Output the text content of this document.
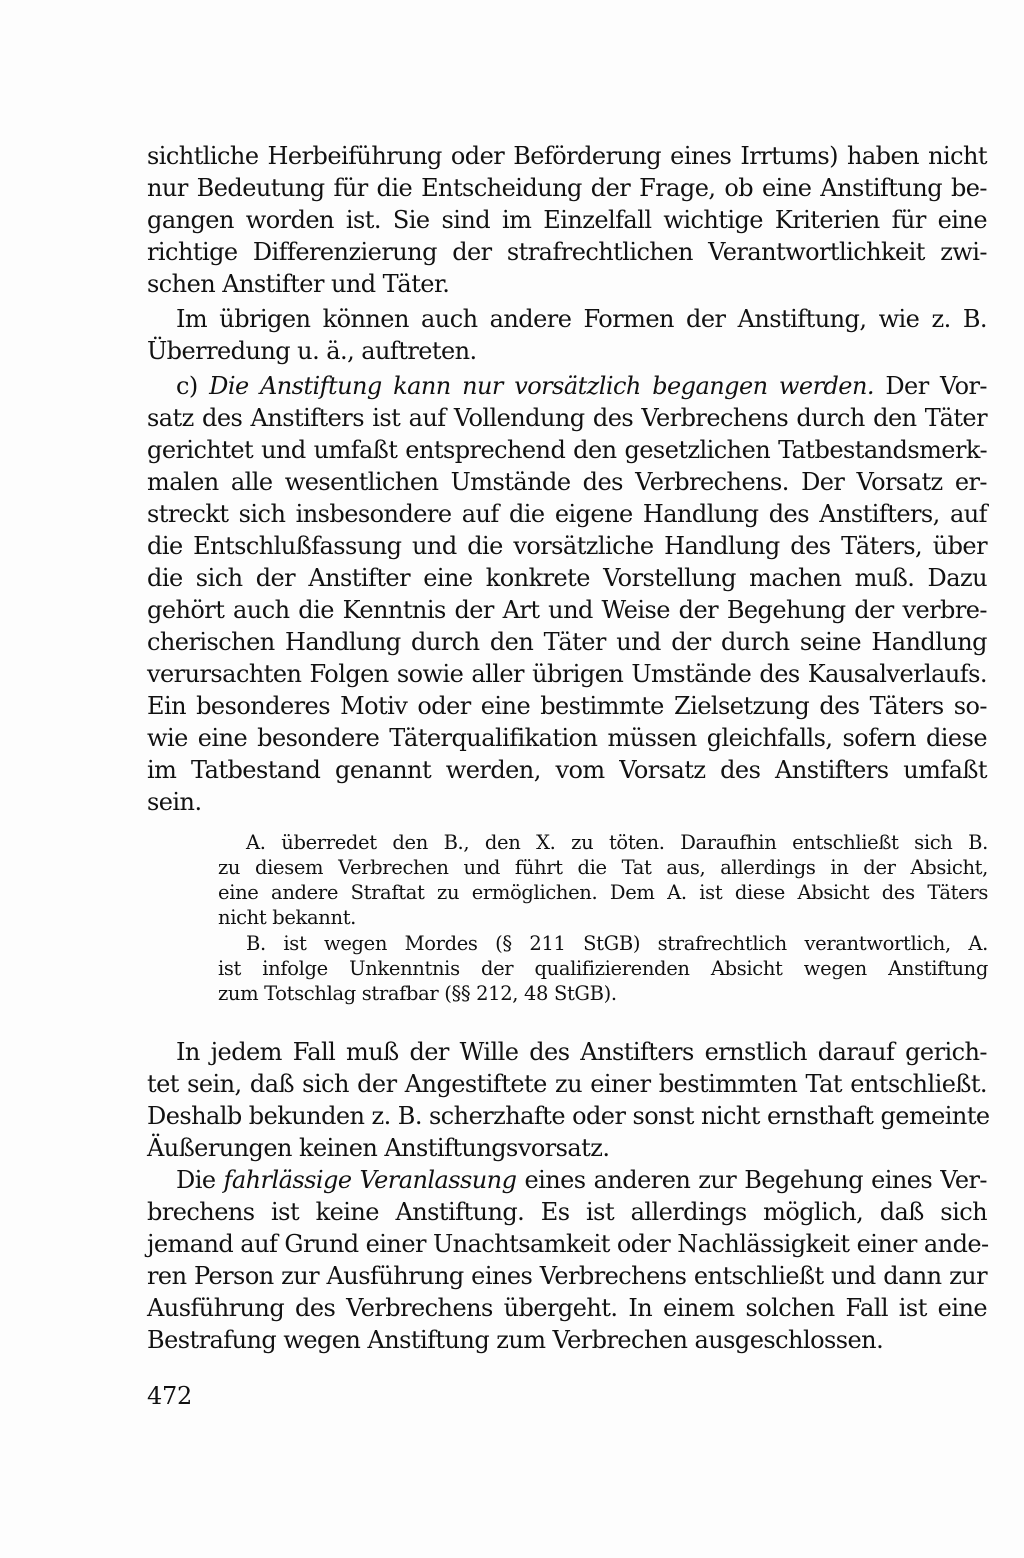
sichtliche Herbeiführung oder Beförderung eines Irrtums) haben nicht

nur Bedeutung für die Entscheidung der Frage, ob eine Anstiftung be-

gangen worden ist. Sie sind im Einzelfall wichtige Kriterien für eine

richtige Differenzierung der strafrechtlichen Verantwortlichkeit zwi-

schen Anstifter und Täter.

Im übrigen können auch andere Formen der Anstiftung, wie z. B.

Überredung u. ä., auftreten.

c) Die Anstiftung kann nur vorsätzlich begangen werden. Der Vor-

satz des Anstifters ist auf Vollendung des Verbrechens durch den Täter

gerichtet und umfaßt entsprechend den gesetzlichen Tatbestandsmerk-

malen alle wesentlichen Umstände des Verbrechens. Der Vorsatz er-

streckt sich insbesondere auf die eigene Handlung des Anstifters, auf

die Entschlußfassung und die vorsätzliche Handlung des Täters, über

die sich der Anstifter eine konkrete Vorstellung machen muß. Dazu

gehört auch die Kenntnis der Art und Weise der Begehung der verbre-

cherischen Handlung durch den Täter und der durch seine Handlung

verursachten Folgen sowie aller übrigen Umstände des Kausalverlaufs.

Ein besonderes Motiv oder eine bestimmte Zielsetzung des Täters so-

wie eine besondere Täterqualifikation müssen gleichfalls, sofern diese

im Tatbestand genannt werden, vom Vorsatz des Anstifters umfaßt

sein.

A. überredet den B., den X. zu töten. Daraufhin entschließt sich B.

zu diesem Verbrechen und führt die Tat aus, allerdings in der Absicht,

eine andere Straftat zu ermöglichen. Dem A. ist diese Absicht des Täters

nicht bekannt.

B. ist wegen Mordes (§ 211 StGB) strafrechtlich verantwortlich, A.

ist infolge Unkenntnis der qualifizierenden Absicht wegen Anstiftung

zum Totschlag strafbar (§§ 212, 48 StGB).

In jedem Fall muß der Wille des Anstifters ernstlich darauf gerich-

tet sein, daß sich der Angestiftete zu einer bestimmten Tat entschließt.

Deshalb bekunden z. B. scherzhafte oder sonst nicht ernsthaft gemeinte

Äußerungen keinen Anstiftungsvorsatz.

Die fahrlässige Veranlassung eines anderen zur Begehung eines Ver-

brechens ist keine Anstiftung. Es ist allerdings möglich, daß sich

jemand auf Grund einer Unachtsamkeit oder Nachlässigkeit einer ande-

ren Person zur Ausführung eines Verbrechens entschließt und dann zur

Ausführung des Verbrechens übergeht. In einem solchen Fall ist eine

Bestrafung wegen Anstiftung zum Verbrechen ausgeschlossen.

472
